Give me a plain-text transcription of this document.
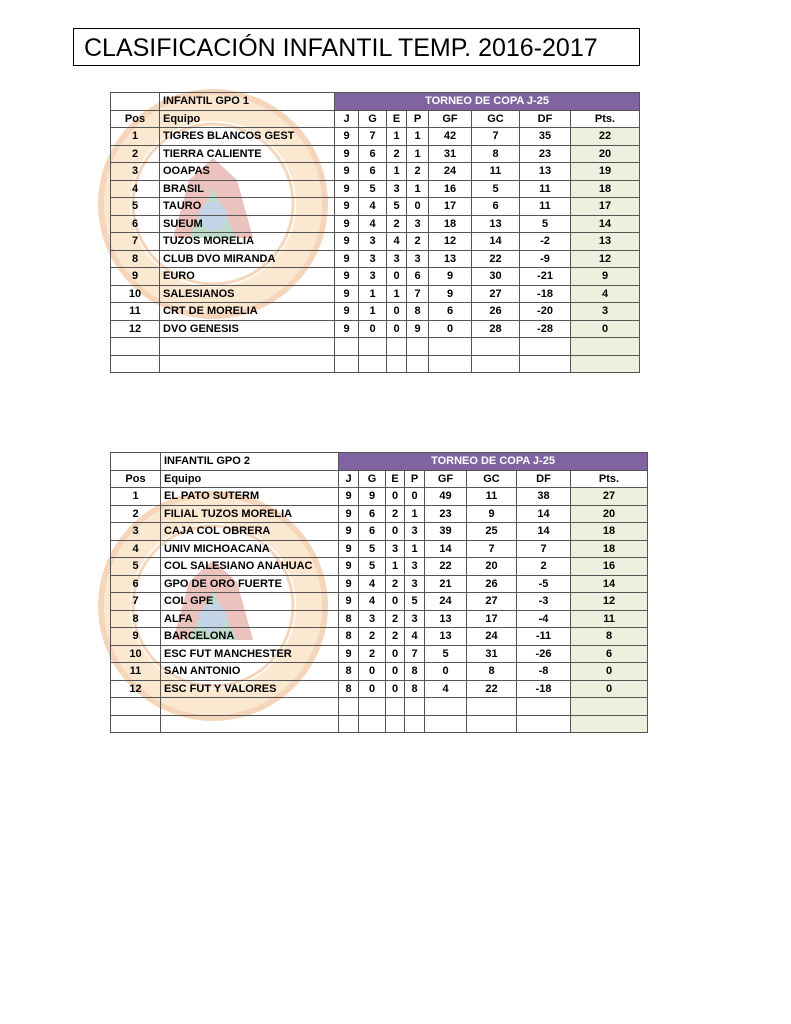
CLASIFICACIÓN INFANTIL TEMP. 2016-2017
	INFANTIL GPO 1	TORNEO DE COPA J-25							
Pos	Equipo	J	G	E	P	GF	GC	DF	Pts.
1	TIGRES BLANCOS GEST	9	7	1	1	42	7	35	22
2	TIERRA CALIENTE	9	6	2	1	31	8	23	20
3	OOAPAS	9	6	1	2	24	11	13	19
4	BRASIL	9	5	3	1	16	5	11	18
5	TAURO	9	4	5	0	17	6	11	17
6	SUEUM	9	4	2	3	18	13	5	14
7	TUZOS MORELIA	9	3	4	2	12	14	-2	13
8	CLUB DVO MIRANDA	9	3	3	3	13	22	-9	12
9	EURO	9	3	0	6	9	30	-21	9
10	SALESIANOS	9	1	1	7	9	27	-18	4
11	CRT DE MORELIA	9	1	0	8	6	26	-20	3
12	DVO GENESIS	9	0	0	9	0	28	-28	0

	INFANTIL GPO 2	TORNEO DE COPA J-25							
Pos	Equipo	J	G	E	P	GF	GC	DF	Pts.
1	EL PATO SUTERM	9	9	0	0	49	11	38	27
2	FILIAL TUZOS MORELIA	9	6	2	1	23	9	14	20
3	CAJA COL OBRERA	9	6	0	3	39	25	14	18
4	UNIV MICHOACANA	9	5	3	1	14	7	7	18
5	COL SALESIANO ANAHUAC	9	5	1	3	22	20	2	16
6	GPO DE ORO FUERTE	9	4	2	3	21	26	-5	14
7	COL GPE	9	4	0	5	24	27	-3	12
8	ALFA	8	3	2	3	13	17	-4	11
9	BARCELONA	8	2	2	4	13	24	-11	8
10	ESC FUT MANCHESTER	9	2	0	7	5	31	-26	6
11	SAN ANTONIO	8	0	0	8	0	8	-8	0
12	ESC FUT Y VALORES	8	0	0	8	4	22	-18	0
